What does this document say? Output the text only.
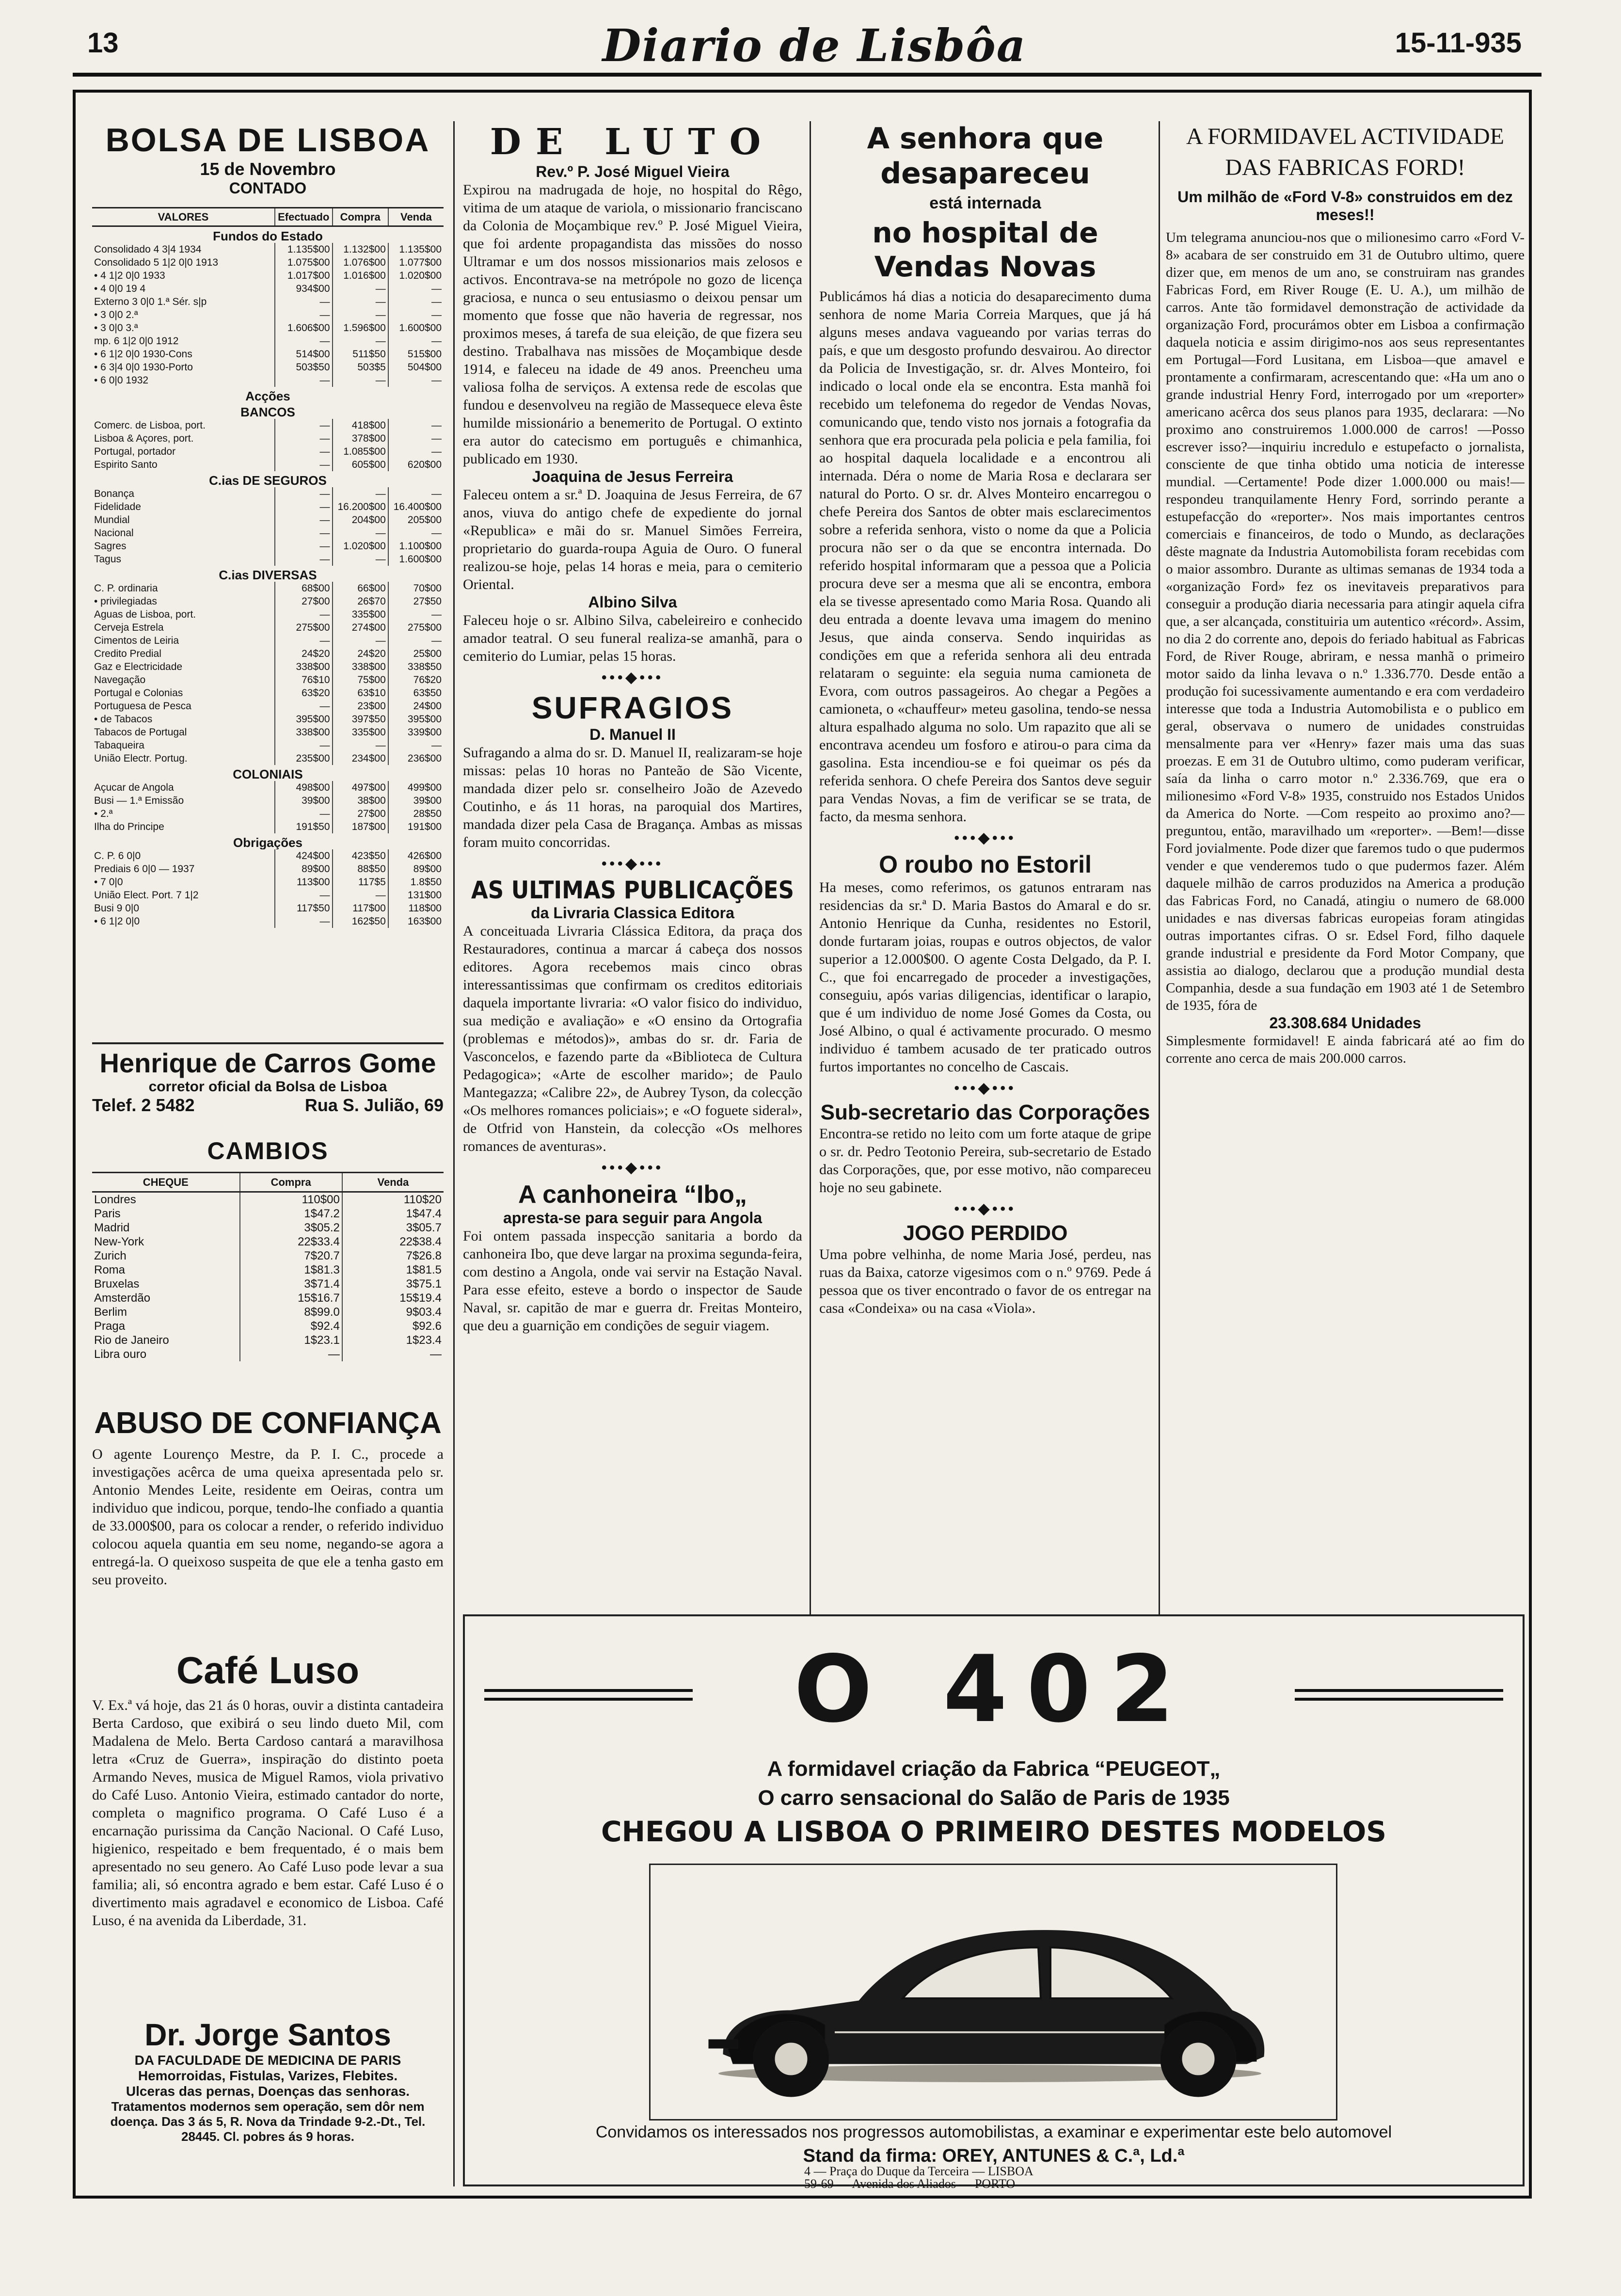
13	Diario de Lisbôa	15-11-935
BOLSA DE LISBOA
15 de Novembro
CONTADO
VALORES	Efectuado	Compra	Venda
Fundos do Estado			
Consolidado 4 3|4 1934	1.135$00	1.132$00	1.135$00
Consolidado 5 1|2 0|0 1913	1.075$00	1.076$00	1.077$00
• 4 1|2 0|0 1933	1.017$00	1.016$00	1.020$00
• 4 0|0 19 4	934$00	—	—
Externo 3 0|0 1.ª Sér. s|p	—	—	—
• 3 0|0 2.ª	—	—	—
• 3 0|0 3.ª	1.606$00	1.596$00	1.600$00
mp. 6 1|2 0|0 1912	—	—	—
• 6 1|2 0|0 1930-Cons	514$00	511$50	515$00
• 6 3|4 0|0 1930-Porto	503$50	503$5	504$00
• 6 0|0 1932	—	—	—
Acções			
BANCOS			
Comerc. de Lisboa, port.	—	418$00	—
Lisboa & Açores, port.	—	378$00	—
Portugal, portador	—	1.085$00	—
Espirito Santo	—	605$00	620$00
C.ias DE SEGUROS			
Bonança	—	—	—
Fidelidade	—	16.200$00	16.400$00
Mundial	—	204$00	205$00
Nacional	—	—	—
Sagres	—	1.020$00	1.100$00
Tagus	—	—	1.600$00
C.ias DIVERSAS			
C. P. ordinaria	68$00	66$00	70$00
• privilegiadas	27$00	26$70	27$50
Aguas de Lisboa, port.	—	335$00	—
Cerveja Estrela	275$00	274$00	275$00
Cimentos de Leiria	—	—	—
Credito Predial	24$20	24$20	25$00
Gaz e Electricidade	338$00	338$00	338$50
Navegação	76$10	75$00	76$20
Portugal e Colonias	63$20	63$10	63$50
Portuguesa de Pesca	—	23$00	24$00
• de Tabacos	395$00	397$50	395$00
Tabacos de Portugal	338$00	335$00	339$00
Tabaqueira	—	—	—
União Electr. Portug.	235$00	234$00	236$00
COLONIAIS			
Açucar de Angola	498$00	497$00	499$00
Busi — 1.ª Emissão	39$00	38$00	39$00
• 2.ª	—	27$00	28$50
Ilha do Principe	191$50	187$00	191$00
Obrigações			
C. P. 6 0|0	424$00	423$50	426$00
Prediais 6 0|0 — 1937	89$00	88$50	89$00
• 7 0|0	113$00	117$5	1.8$50
União Elect. Port. 7 1|2	—	—	131$00
Busi 9 0|0	117$50	117$00	118$00
• 6 1|2 0|0	—	162$50	163$00
Henrique de Carros Gome
corretor oficial da Bolsa de Lisboa
Telef. 2 5482	Rua S. Julião, 69
CAMBIOS
CHEQUE	Compra	Venda
Londres	110$00	110$20
Paris	1$47.2	1$47.4
Madrid	3$05.2	3$05.7
New-York	22$33.4	22$38.4
Zurich	7$20.7	7$26.8
Roma	1$81.3	1$81.5
Bruxelas	3$71.4	3$75.1
Amsterdão	15$16.7	15$19.4
Berlim	8$99.0	9$03.4
Praga	$92.4	$92.6
Rio de Janeiro	1$23.1	1$23.4
Libra ouro	—	—
ABUSO DE CONFIANÇA
O agente Lourenço Mestre, da P. I. C., procede a investigações acêrca de uma queixa apresentada pelo sr. Antonio Mendes Leite, residente em Oeiras, contra um individuo que indicou, porque, tendo-lhe confiado a quantia de 33.000$00, para os colocar a render, o referido individuo colocou aquela quantia em seu nome, negando-se agora a entregá-la. O queixoso suspeita de que ele a tenha gasto em seu proveito.
Café Luso
V. Ex.ª vá hoje, das 21 ás 0 horas, ouvir a distinta cantadeira Berta Cardoso, que exibirá o seu lindo dueto Mil, com Madalena de Melo. Berta Cardoso cantará a maravilhosa letra «Cruz de Guerra», inspiração do distinto poeta Armando Neves, musica de Miguel Ramos, viola privativo do Café Luso. Antonio Vieira, estimado cantador do norte, completa o magnifico programa. O Café Luso é a encarnação purissima da Canção Nacional. O Café Luso, higienico, respeitado e bem frequentado, é o mais bem apresentado no seu genero. Ao Café Luso pode levar a sua familia; ali, só encontra agrado e bem estar. Café Luso é o divertimento mais agradavel e economico de Lisboa. Café Luso, é na avenida da Liberdade, 31.
Dr. Jorge Santos
DA FACULDADE DE MEDICINA DE PARIS
Hemorroidas, Fistulas, Varizes, Flebites.
Ulceras das pernas, Doenças das senhoras.
Tratamentos modernos sem operação, sem dôr nem doença. Das 3 ás 5, R. Nova da Trindade 9-2.-Dt., Tel. 28445. Cl. pobres ás 9 horas.
DE LUTO
Rev.º P. José Miguel Vieira
Expirou na madrugada de hoje, no hospital do Rêgo, vitima de um ataque de variola, o missionario franciscano da Colonia de Moçambique rev.º P. José Miguel Vieira, que foi ardente propagandista das missões do nosso Ultramar e um dos nossos missionarios mais zelosos e activos. Encontrava-se na metrópole no gozo de licença graciosa, e nunca o seu entusiasmo o deixou pensar um momento que fosse que não haveria de regressar, nos proximos meses, á tarefa de sua eleição, de que fizera seu destino. Trabalhava nas missões de Moçambique desde 1914, e faleceu na idade de 49 anos. Preencheu uma valiosa folha de serviços. A extensa rede de escolas que fundou e desenvolveu na região de Massequece eleva êste humilde missionário a benemerito de Portugal. O extinto era autor do catecismo em português e chimanhica, publicado em 1930.
Joaquina de Jesus Ferreira
Faleceu ontem a sr.ª D. Joaquina de Jesus Ferreira, de 67 anos, viuva do antigo chefe de expediente do jornal «Republica» e mãi do sr. Manuel Simões Ferreira, proprietario do guarda-roupa Aguia de Ouro. O funeral realizou-se hoje, pelas 14 horas e meia, para o cemiterio Oriental.
Albino Silva
Faleceu hoje o sr. Albino Silva, cabeleireiro e conhecido amador teatral. O seu funeral realiza-se amanhã, para o cemiterio do Lumiar, pelas 15 horas.
•••◆•••
SUFRAGIOS
D. Manuel II
Sufragando a alma do sr. D. Manuel II, realizaram-se hoje missas: pelas 10 horas no Panteão de São Vicente, mandada dizer pelo sr. conselheiro João de Azevedo Coutinho, e ás 11 horas, na paroquial dos Martires, mandada dizer pela Casa de Bragança. Ambas as missas foram muito concorridas.
•••◆•••
AS ULTIMAS PUBLICAÇÕES
da Livraria Classica Editora
A conceituada Livraria Clássica Editora, da praça dos Restauradores, continua a marcar á cabeça dos nossos editores. Agora recebemos mais cinco obras interessantissimas que confirmam os creditos editoriais daquela importante livraria: «O valor fisico do individuo, sua medição e avaliação» e «O ensino da Ortografia (problemas e métodos)», ambas do sr. dr. Faria de Vasconcelos, e fazendo parte da «Biblioteca de Cultura Pedagogica»; «Arte de escolher marido»; de Paulo Mantegazza; «Calibre 22», de Aubrey Tyson, da colecção «Os melhores romances policiais»; e «O foguete sideral», de Otfrid von Hanstein, da colecção «Os melhores romances de aventuras».
•••◆•••
A canhoneira “Ibo„
apresta-se para seguir para Angola
Foi ontem passada inspecção sanitaria a bordo da canhoneira Ibo, que deve largar na proxima segunda-feira, com destino a Angola, onde vai servir na Estação Naval. Para esse efeito, esteve a bordo o inspector de Saude Naval, sr. capitão de mar e guerra dr. Freitas Monteiro, que deu a guarnição em condições de seguir viagem.
A senhora que desapareceu
está internada
no hospital de Vendas Novas
Publicámos há dias a noticia do desaparecimento duma senhora de nome Maria Correia Marques, que já há alguns meses andava vagueando por varias terras do país, e que um desgosto profundo desvairou. Ao director da Policia de Investigação, sr. dr. Alves Monteiro, foi indicado o local onde ela se encontra. Esta manhã foi recebido um telefonema do regedor de Vendas Novas, comunicando que, tendo visto nos jornais a fotografia da senhora que era procurada pela policia e pela familia, foi ao hospital daquela localidade e a encontrou ali internada. Déra o nome de Maria Rosa e declarara ser natural do Porto. O sr. dr. Alves Monteiro encarregou o chefe Pereira dos Santos de obter mais esclarecimentos sobre a referida senhora, visto o nome da que a Policia procura não ser o da que se encontra internada. Do referido hospital informaram que a pessoa que a Policia procura deve ser a mesma que ali se encontra, embora ela se tivesse apresentado como Maria Rosa. Quando ali deu entrada a doente levava uma imagem do menino Jesus, que ainda conserva. Sendo inquiridas as condições em que a referida senhora ali deu entrada relataram o seguinte: ela seguia numa camioneta de Evora, com outros passageiros. Ao chegar a Pegões a camioneta, o «chauffeur» meteu gasolina, tendo-se nessa altura espalhado alguma no solo. Um rapazito que ali se encontrava acendeu um fosforo e atirou-o para cima da gasolina. Esta incendiou-se e foi queimar os pés da referida senhora. O chefe Pereira dos Santos deve seguir para Vendas Novas, a fim de verificar se se trata, de facto, da mesma senhora.
•••◆•••
O roubo no Estoril
Ha meses, como referimos, os gatunos entraram nas residencias da sr.ª D. Maria Bastos do Amaral e do sr. Antonio Henrique da Cunha, residentes no Estoril, donde furtaram joias, roupas e outros objectos, de valor superior a 12.000$00. O agente Costa Delgado, da P. I. C., que foi encarregado de proceder a investigações, conseguiu, após varias diligencias, identificar o larapio, que é um individuo de nome José Gomes da Costa, ou José Albino, o qual é activamente procurado. O mesmo individuo é tambem acusado de ter praticado outros furtos importantes no concelho de Cascais.
•••◆•••
Sub-secretario das Corporações
Encontra-se retido no leito com um forte ataque de gripe o sr. dr. Pedro Teotonio Pereira, sub-secretario de Estado das Corporações, que, por esse motivo, não compareceu hoje no seu gabinete.
•••◆•••
JOGO PERDIDO
Uma pobre velhinha, de nome Maria José, perdeu, nas ruas da Baixa, catorze vigesimos com o n.º 9769. Pede á pessoa que os tiver encontrado o favor de os entregar na casa «Condeixa» ou na casa «Viola».
A FORMIDAVEL ACTIVIDADE DAS FABRICAS FORD!
Um milhão de «Ford V-8» construidos em dez meses!!
Um telegrama anunciou-nos que o milionesimo carro «Ford V-8» acabara de ser construido em 31 de Outubro ultimo, quere dizer que, em menos de um ano, se construiram nas grandes Fabricas Ford, em River Rouge (E. U. A.), um milhão de carros. Ante tão formidavel demonstração de actividade da organização Ford, procurámos obter em Lisboa a confirmação daquela noticia e assim dirigimo-nos aos seus representantes em Portugal—Ford Lusitana, em Lisboa—que amavel e prontamente a confirmaram, acrescentando que: «Ha um ano o grande industrial Henry Ford, interrogado por um «reporter» americano acêrca dos seus planos para 1935, declarara: —No proximo ano construiremos 1.000.000 de carros! —Posso escrever isso?—inquiriu incredulo e estupefacto o jornalista, consciente de que tinha obtido uma noticia de interesse mundial. —Certamente! Pode dizer 1.000.000 ou mais!—respondeu tranquilamente Henry Ford, sorrindo perante a estupefacção do «reporter». Nos mais importantes centros comerciais e financeiros, de todo o Mundo, as declarações dêste magnate da Industria Automobilista foram recebidas com o maior assombro. Durante as ultimas semanas de 1934 toda a «organização Ford» fez os inevitaveis preparativos para conseguir a produção diaria necessaria para atingir aquela cifra que, a ser alcançada, constituiria um autentico «récord». Assim, no dia 2 do corrente ano, depois do feriado habitual as Fabricas Ford, de River Rouge, abriram, e nessa manhã o primeiro motor saido da linha levava o n.º 1.336.770. Desde então a produção foi sucessivamente aumentando e era com verdadeiro interesse que toda a Industria Automobilista e o publico em geral, observava o numero de unidades construidas mensalmente para ver «Henry» fazer mais uma das suas proezas. E em 31 de Outubro ultimo, como puderam verificar, saía da linha o carro motor n.º 2.336.769, que era o milionesimo «Ford V-8» 1935, construido nos Estados Unidos da America do Norte. —Com respeito ao proximo ano?—preguntou, então, maravilhado um «reporter». —Bem!—disse Ford jovialmente. Pode dizer que faremos tudo o que pudermos vender e que venderemos tudo o que pudermos fazer. Além daquele milhão de carros produzidos na America a produção das Fabricas Ford, no Canadá, atingiu o numero de 68.000 unidades e nas diversas fabricas europeias foram atingidas outras importantes cifras. O sr. Edsel Ford, filho daquele grande industrial e presidente da Ford Motor Company, que assistia ao dialogo, declarou que a produção mundial desta Companhia, desde a sua fundação em 1903 até 1 de Setembro de 1935, fóra de
23.308.684 Unidades
Simplesmente formidavel! E ainda fabricará até ao fim do corrente ano cerca de mais 200.000 carros.
O 402
A formidavel criação da Fabrica “PEUGEOT„
O carro sensacional do Salão de Paris de 1935
CHEGOU A LISBOA O PRIMEIRO DESTES MODELOS
Convidamos os interessados nos progressos automobilistas, a examinar e experimentar este belo automovel
Stand da firma: OREY, ANTUNES & C.ª, Ld.ª
4 — Praça do Duque da Terceira — LISBOA
59-69 — Avenida dos Aliados — PORTO
